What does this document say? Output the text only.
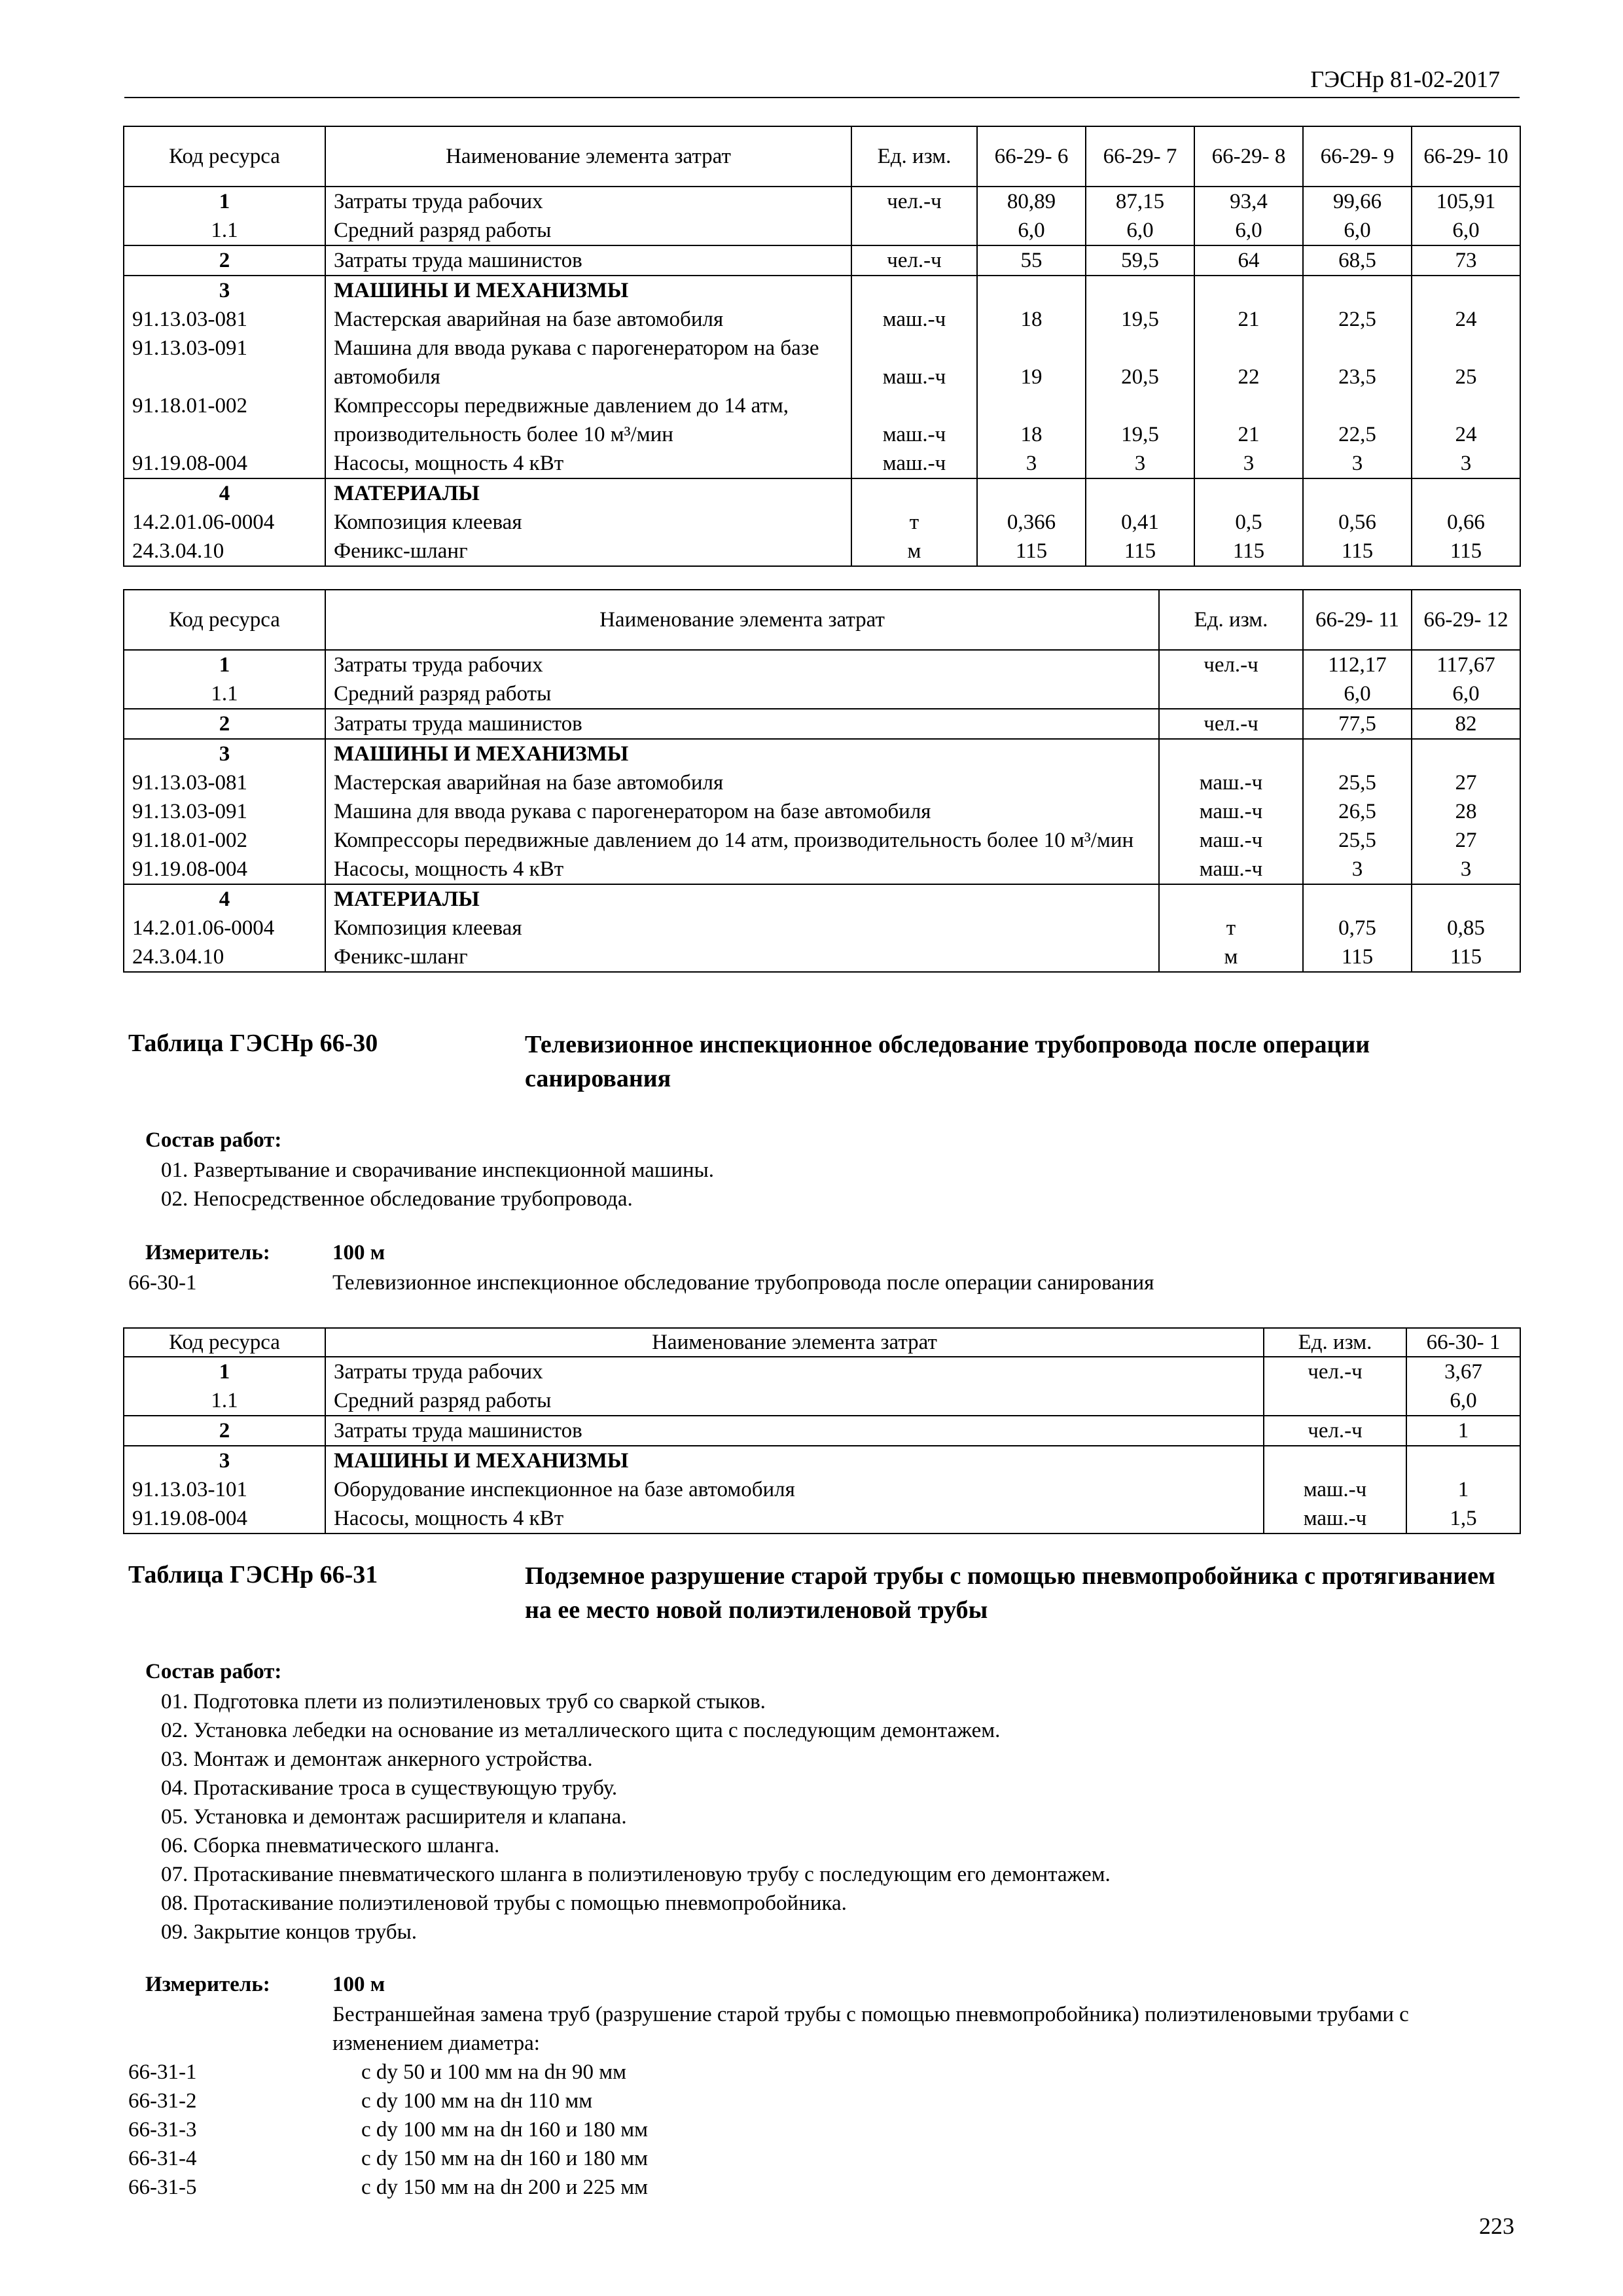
ГЭСНр 81-02-2017
Код ресурса	Наименование элемента затрат	Ед. изм.	66-29- 6	66-29- 7	66-29- 8	66-29- 9	66-29- 10
1	Затраты труда рабочих	чел.-ч	80,89	87,15	93,4	99,66	105,91
1.1	Средний разряд работы		6,0	6,0	6,0	6,0	6,0
2	Затраты труда машинистов	чел.-ч	55	59,5	64	68,5	73
3	МАШИНЫ И МЕХАНИЗМЫ						
91.13.03-081	Мастерская аварийная на базе автомобиля	маш.-ч	18	19,5	21	22,5	24
91.13.03-091	Машина для ввода рукава с парогенератором на базе автомобиля	маш.-ч	19	20,5	22	23,5	25
91.18.01-002	Компрессоры передвижные давлением до 14 атм, производительность более 10 м³/мин	маш.-ч	18	19,5	21	22,5	24
91.19.08-004	Насосы, мощность 4 кВт	маш.-ч	3	3	3	3	3
4	МАТЕРИАЛЫ						
14.2.01.06-0004	Композиция клеевая	т	0,366	0,41	0,5	0,56	0,66
24.3.04.10	Феникс-шланг	м	115	115	115	115	115
Код ресурса	Наименование элемента затрат	Ед. изм.	66-29- 11	66-29- 12
1	Затраты труда рабочих	чел.-ч	112,17	117,67
1.1	Средний разряд работы		6,0	6,0
2	Затраты труда машинистов	чел.-ч	77,5	82
3	МАШИНЫ И МЕХАНИЗМЫ			
91.13.03-081	Мастерская аварийная на базе автомобиля	маш.-ч	25,5	27
91.13.03-091	Машина для ввода рукава с парогенератором на базе автомобиля	маш.-ч	26,5	28
91.18.01-002	Компрессоры передвижные давлением до 14 атм, производительность более 10 м³/мин	маш.-ч	25,5	27
91.19.08-004	Насосы, мощность 4 кВт	маш.-ч	3	3
4	МАТЕРИАЛЫ			
14.2.01.06-0004	Композиция клеевая	т	0,75	0,85
24.3.04.10	Феникс-шланг	м	115	115
Таблица ГЭСНр 66-30	Телевизионное инспекционное обследование трубопровода после операции санирования
Состав работ:
01. Развертывание и сворачивание инспекционной машины.
02. Непосредственное обследование трубопровода.
Измеритель:	100 м
66-30-1	Телевизионное инспекционное обследование трубопровода после операции санирования
Код ресурса	Наименование элемента затрат	Ед. изм.	66-30- 1
1	Затраты труда рабочих	чел.-ч	3,67
1.1	Средний разряд работы		6,0
2	Затраты труда машинистов	чел.-ч	1
3	МАШИНЫ И МЕХАНИЗМЫ		
91.13.03-101	Оборудование инспекционное на базе автомобиля	маш.-ч	1
91.19.08-004	Насосы, мощность 4 кВт	маш.-ч	1,5
Таблица ГЭСНр 66-31	Подземное разрушение старой трубы с помощью пневмопробойника с протягиванием на ее место новой полиэтиленовой трубы
Состав работ:
01. Подготовка плети из полиэтиленовых труб со сваркой стыков.
02. Установка лебедки на основание из металлического щита с последующим демонтажем.
03. Монтаж и демонтаж анкерного устройства.
04. Протаскивание троса в существующую трубу.
05. Установка и демонтаж расширителя и клапана.
06. Сборка пневматического шланга.
07. Протаскивание пневматического шланга в полиэтиленовую трубу с последующим его демонтажем.
08. Протаскивание полиэтиленовой трубы с помощью пневмопробойника.
09. Закрытие концов трубы.
Измеритель:	100 м
Бестраншейная замена труб (разрушение старой трубы с помощью пневмопробойника) полиэтиленовыми трубами с изменением диаметра:
66-31-1	с dy 50 и 100 мм на dн 90 мм
66-31-2	с dy 100 мм на dн 110 мм
66-31-3	с dy 100 мм на dн 160 и 180 мм
66-31-4	с dy 150 мм на dн 160 и 180 мм
66-31-5	с dy 150 мм на dн 200 и 225 мм
223
